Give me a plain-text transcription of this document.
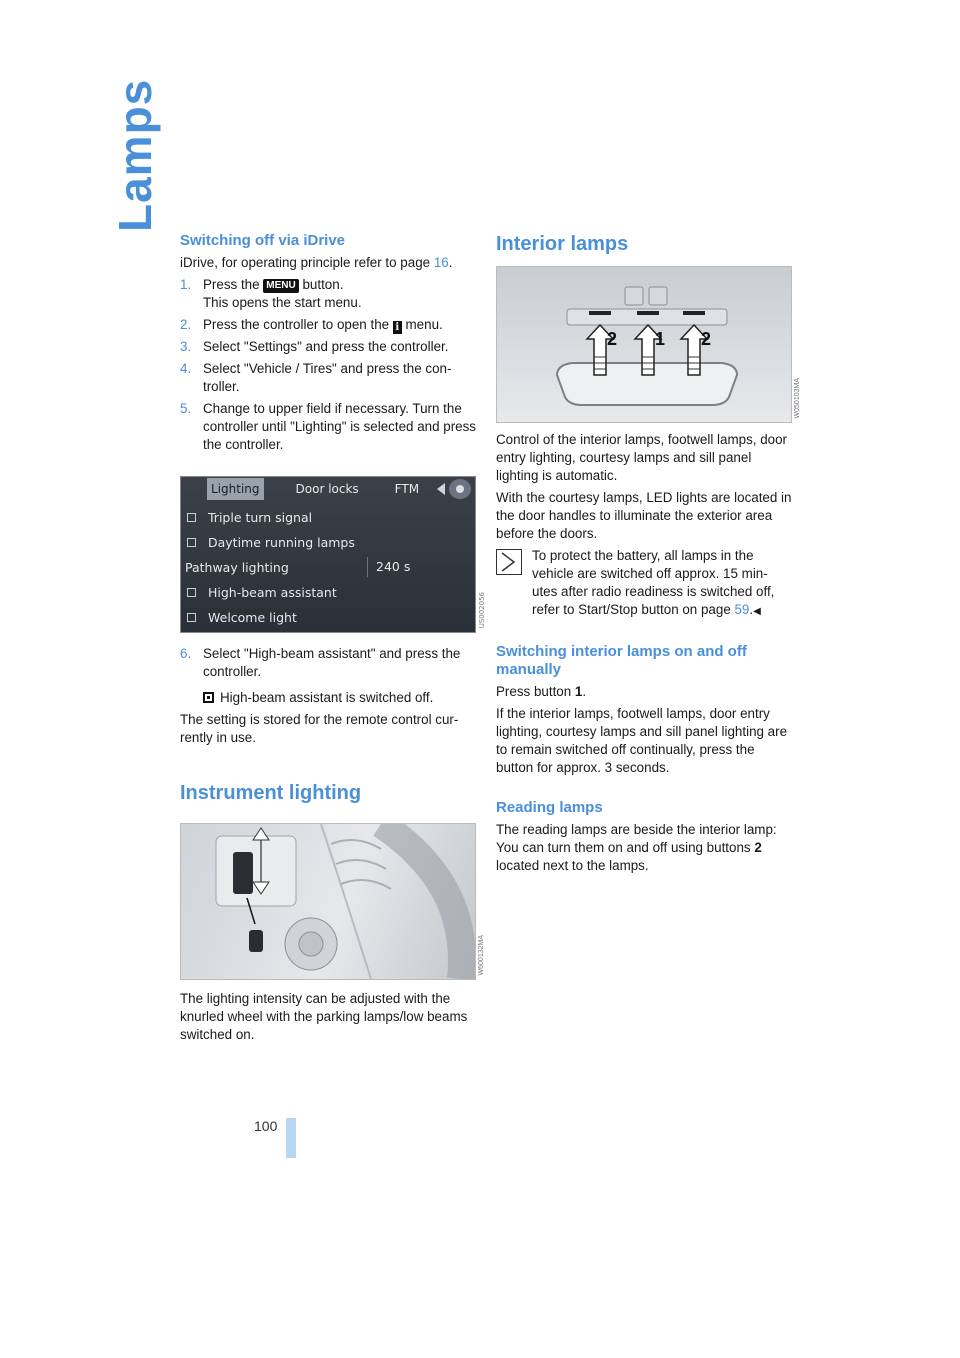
Lamps
100
Switching off via iDrive

iDrive, for operating principle refer to page 16.

1. Press the MENU button.
This opens the start menu.
2. Press the controller to open the i menu.
3. Select "Settings" and press the controller.
4. Select "Vehicle / Tires" and press the con-troller.
5. Change to upper field if necessary. Turn the controller until "Lighting" is selected and press the controller.
Lighting	Door locks	FTM
Triple turn signal
Daytime running lamps
Pathway lighting	240 s
High-beam assistant
Welcome light	US002056
6. Select "High-beam assistant" and press the controller.
High-beam assistant is switched off.

The setting is stored for the remote control cur-rently in use.

Instrument lighting
W600132MA

The lighting intensity can be adjusted with the knurled wheel with the parking lamps/low beams switched on.

Interior lamps
2 1 2
W050103MA

Control of the interior lamps, footwell lamps, door entry lighting, courtesy lamps and sill panel lighting is automatic.

With the courtesy lamps, LED lights are located in the door handles to illuminate the exterior area before the doors.

To protect the battery, all lamps in the vehicle are switched off approx. 15 min-utes after radio readiness is switched off, refer to Start/Stop button on page 59.◀
Switching interior lamps on and off manually

Press button 1.

If the interior lamps, footwell lamps, door entry lighting, courtesy lamps and sill panel lighting are to remain switched off continually, press the button for approx. 3 seconds.

Reading lamps

The reading lamps are beside the interior lamp: You can turn them on and off using buttons 2 located next to the lamps.
